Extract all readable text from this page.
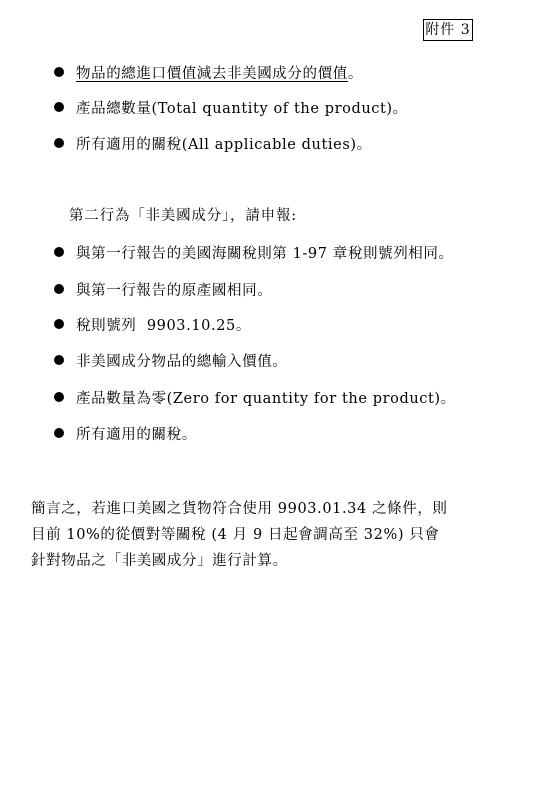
附件 3
物品的總進口價值減去非美國成分的價值。
產品總數量(Total quantity of the product)。
所有適用的關稅(All applicable duties)。
第二行為「非美國成分」，請申報:
與第一行報告的美國海關稅則第 1-97 章稅則號列相同。
與第一行報告的原產國相同。
稅則號列  9903.10.25。
非美國成分物品的總輸入價值。
產品數量為零(Zero for quantity for the product)。
所有適用的關稅。
簡言之，若進口美國之貨物符合使用 9903.01.34 之條件，則
目前 10%的從價對等關稅 (4 月 9 日起會調高至 32%) 只會
針對物品之「非美國成分」進行計算。
